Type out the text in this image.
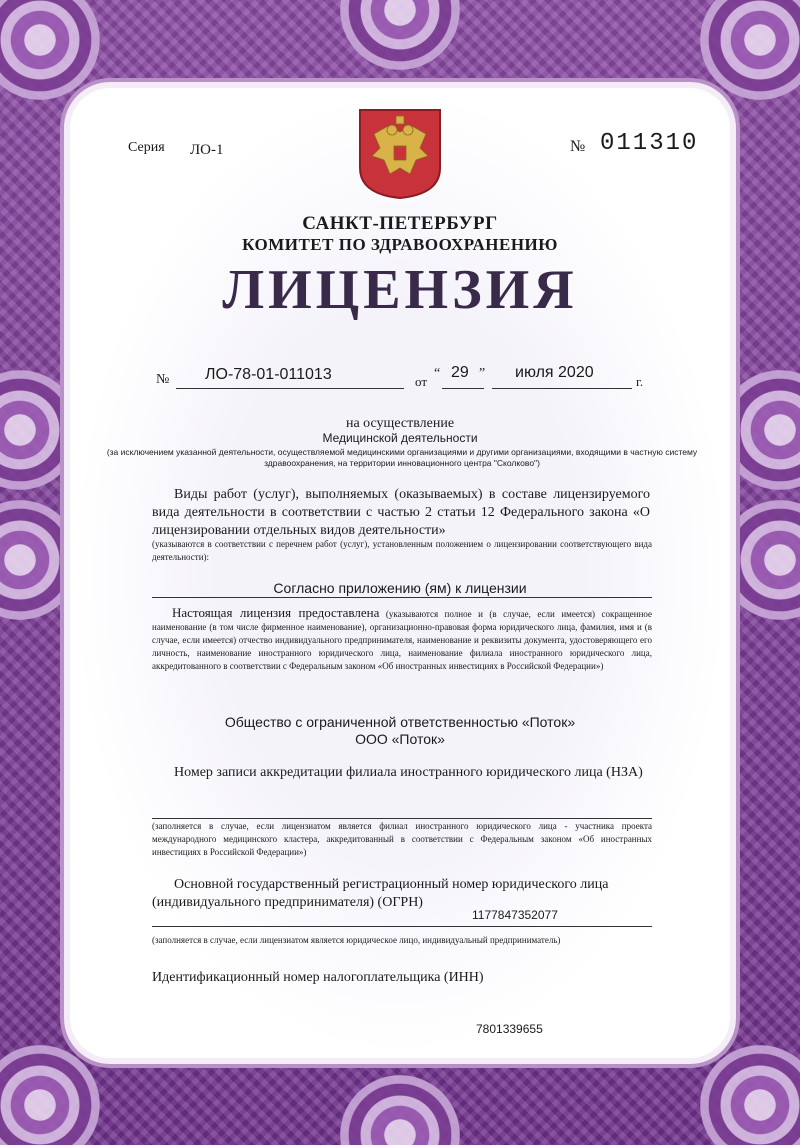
Серия ЛО-1	№ 011310
САНКТ-ПЕТЕРБУРГ
КОМИТЕТ ПО ЗДРАВООХРАНЕНИЮ
ЛИЦЕНЗИЯ
№ ЛО-78-01-011013	от
“ 29 ” июля 2020
г.
на осуществление
Медицинской деятельности
(за исключением указанной деятельности, осуществляемой медицинскими организациями и другими организациями, входящими в частную систему здравоохранения, на территории инновационного центра "Сколково")
Виды работ (услуг), выполняемых (оказываемых) в составе лицензируемого вида деятельности в соответствии с частью 2 статьи 12 Федерального закона «О лицензировании отдельных видов деятельности»
(указываются в соответствии с перечнем работ (услуг), установленным положением о лицензировании соответствующего вида деятельности):
Согласно приложению (ям) к лицензии
Настоящая лицензия предоставлена (указываются полное и (в случае, если имеется) сокращенное наименование (в том числе фирменное наименование), организационно-правовая форма юридического лица, фамилия, имя и (в случае, если имеется) отчество индивидуального предпринимателя, наименование и реквизиты документа, удостоверяющего его личность, наименование иностранного юридического лица, наименование филиала иностранного юридического лица, аккредитованного в соответствии с Федеральным законом «Об иностранных инвестициях в Российской Федерации»)
Общество с ограниченной ответственностью «Поток»
ООО «Поток»
Номер записи аккредитации филиала иностранного юридического лица (НЗА)
(заполняется в случае, если лицензиатом является филиал иностранного юридического лица - участника проекта международного медицинского кластера, аккредитованный в соответствии с Федеральным законом «Об иностранных инвестициях в Российской Федерации»)
Основной государственный регистрационный номер юридического лица (индивидуального предпринимателя) (ОГРН)
1177847352077
(заполняется в случае, если лицензиатом является юридическое лицо, индивидуальный предприниматель)
Идентификационный номер налогоплательщика (ИНН)
7801339655
